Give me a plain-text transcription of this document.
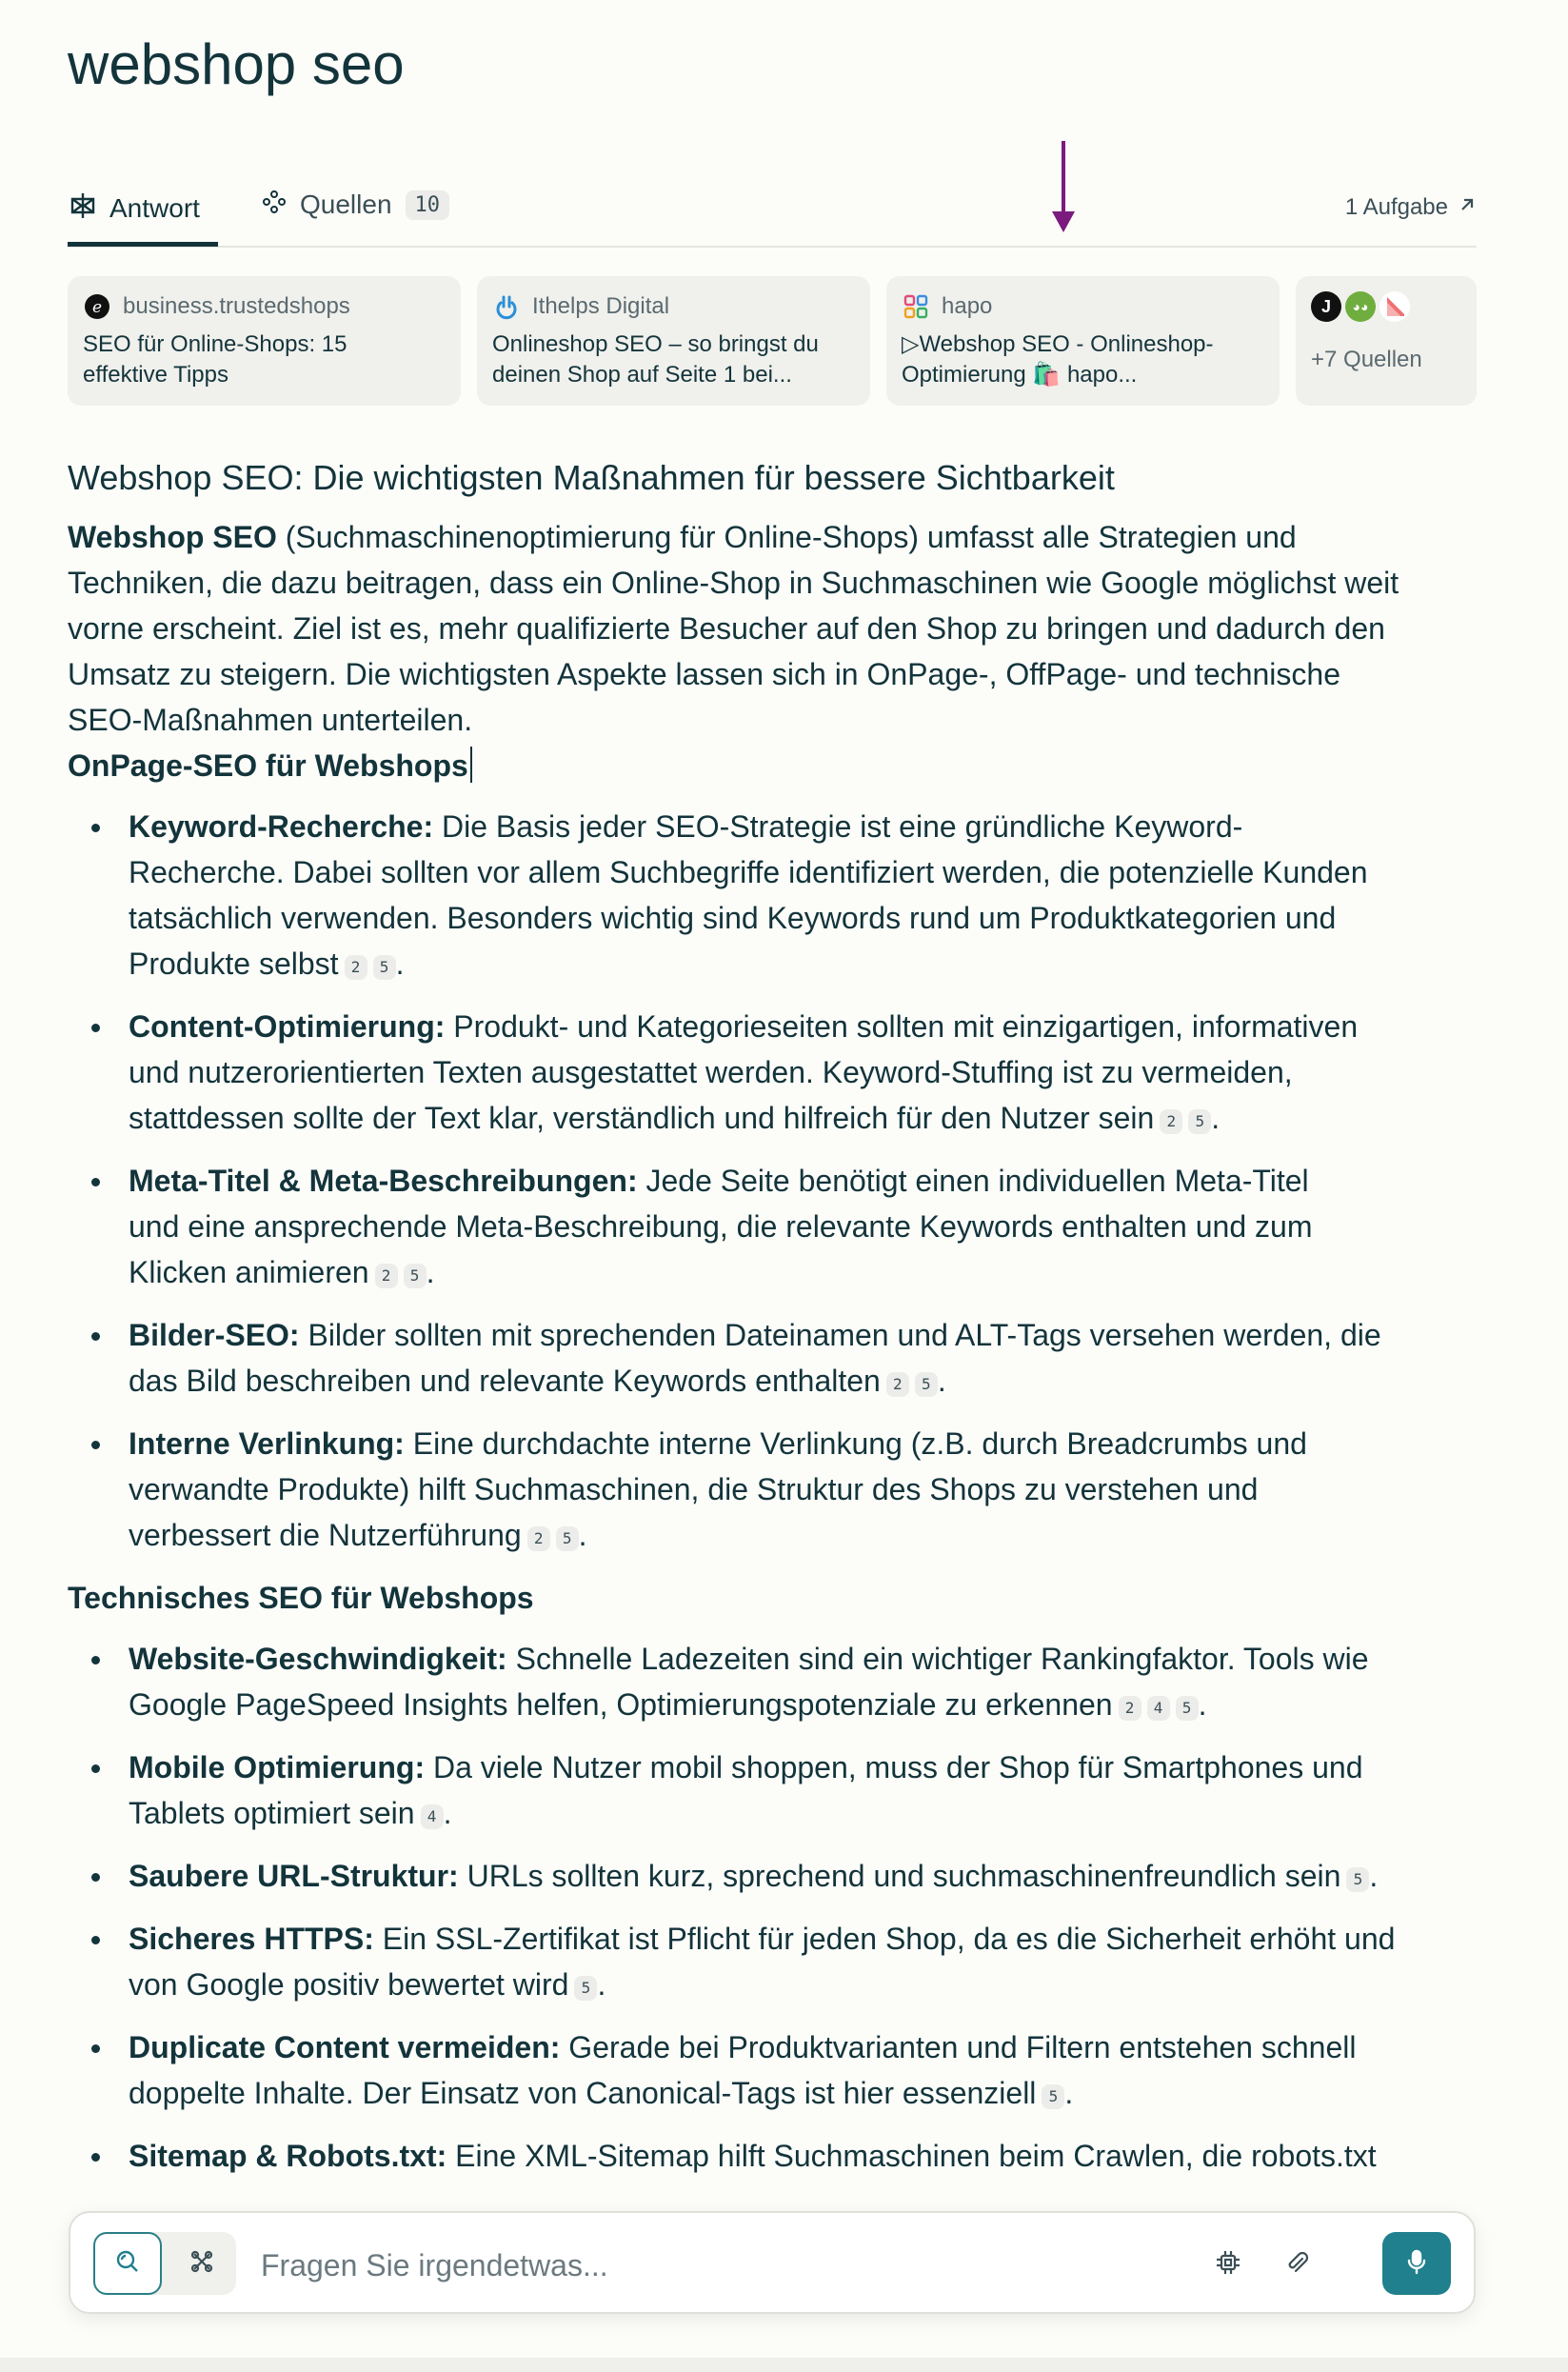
webshop seo
Antwort	Quellen	10	1 Aufgabe
e business.trustedshops
SEO für Online-Shops: 15
effektive Tipps
Ithelps Digital
Onlineshop SEO – so bringst du
deinen Shop auf Seite 1 bei...
hapo
▷Webshop SEO - Onlineshop-
Optimierung 🛍️ hapo...
J	◕◕
+7 Quellen
Webshop SEO: Die wichtigsten Maßnahmen für bessere Sichtbarkeit

Webshop SEO (Suchmaschinenoptimierung für Online-Shops) umfasst alle Strategien und
Techniken, die dazu beitragen, dass ein Online-Shop in Suchmaschinen wie Google möglichst weit
vorne erscheint. Ziel ist es, mehr qualifizierte Besucher auf den Shop zu bringen und dadurch den
Umsatz zu steigern. Die wichtigsten Aspekte lassen sich in OnPage-, OffPage- und technische
SEO-Maßnahmen unterteilen.

OnPage-SEO für Webshops
Keyword-Recherche: Die Basis jeder SEO-Strategie ist eine gründliche Keyword-
Recherche. Dabei sollten vor allem Suchbegriffe identifiziert werden, die potenzielle Kunden
tatsächlich verwenden. Besonders wichtig sind Keywords rund um Produktkategorien und
Produkte selbst 2 5 .
Content-Optimierung: Produkt- und Kategorieseiten sollten mit einzigartigen, informativen
und nutzerorientierten Texten ausgestattet werden. Keyword-Stuffing ist zu vermeiden,
stattdessen sollte der Text klar, verständlich und hilfreich für den Nutzer sein 2 5 .
Meta-Titel & Meta-Beschreibungen: Jede Seite benötigt einen individuellen Meta-Titel
und eine ansprechende Meta-Beschreibung, die relevante Keywords enthalten und zum
Klicken animieren 2 5 .
Bilder-SEO: Bilder sollten mit sprechenden Dateinamen und ALT-Tags versehen werden, die
das Bild beschreiben und relevante Keywords enthalten 2 5 .
Interne Verlinkung: Eine durchdachte interne Verlinkung (z.B. durch Breadcrumbs und
verwandte Produkte) hilft Suchmaschinen, die Struktur des Shops zu verstehen und
verbessert die Nutzerführung 2 5 .
Technisches SEO für Webshops
Website-Geschwindigkeit: Schnelle Ladezeiten sind ein wichtiger Rankingfaktor. Tools wie
Google PageSpeed Insights helfen, Optimierungspotenziale zu erkennen 2 4 5 .
Mobile Optimierung: Da viele Nutzer mobil shoppen, muss der Shop für Smartphones und
Tablets optimiert sein 4 .
Saubere URL-Struktur: URLs sollten kurz, sprechend und suchmaschinenfreundlich sein 5 .
Sicheres HTTPS: Ein SSL-Zertifikat ist Pflicht für jeden Shop, da es die Sicherheit erhöht und
von Google positiv bewertet wird 5 .
Duplicate Content vermeiden: Gerade bei Produktvarianten und Filtern entstehen schnell
doppelte Inhalte. Der Einsatz von Canonical-Tags ist hier essenziell 5 .
Sitemap & Robots.txt: Eine XML-Sitemap hilft Suchmaschinen beim Crawlen, die robots.txt
Fragen Sie irgendetwas...
